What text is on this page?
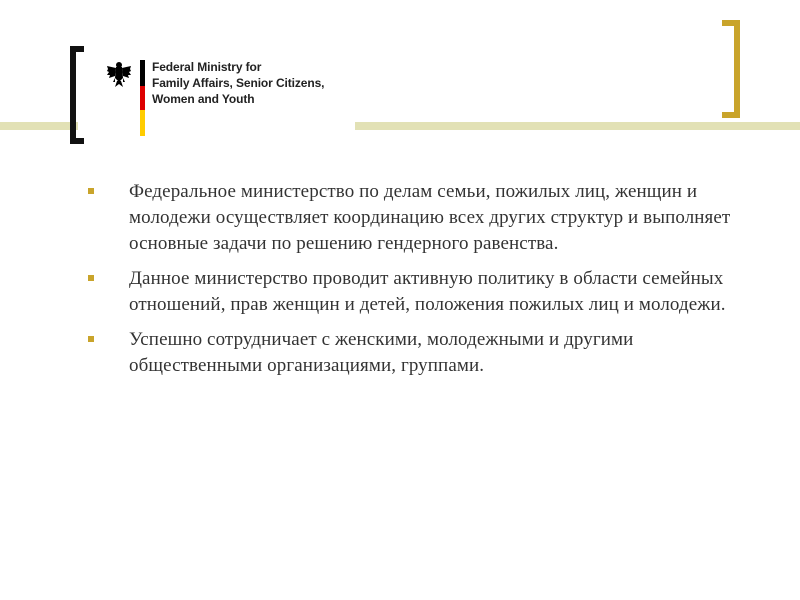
Federal Ministry for
Family Affairs, Senior Citizens,
Women and Youth
Федеральное министерство по делам семьи, пожилых лиц, женщин и молодежи осуществляет координацию всех других структур и выполняет основные задачи по решению гендерного равенства.
Данное министерство проводит активную политику в области семейных отношений, прав женщин и детей, положения пожилых лиц и молодежи.
Успешно сотрудничает с женскими, молодежными и другими общественными организациями, группами.
